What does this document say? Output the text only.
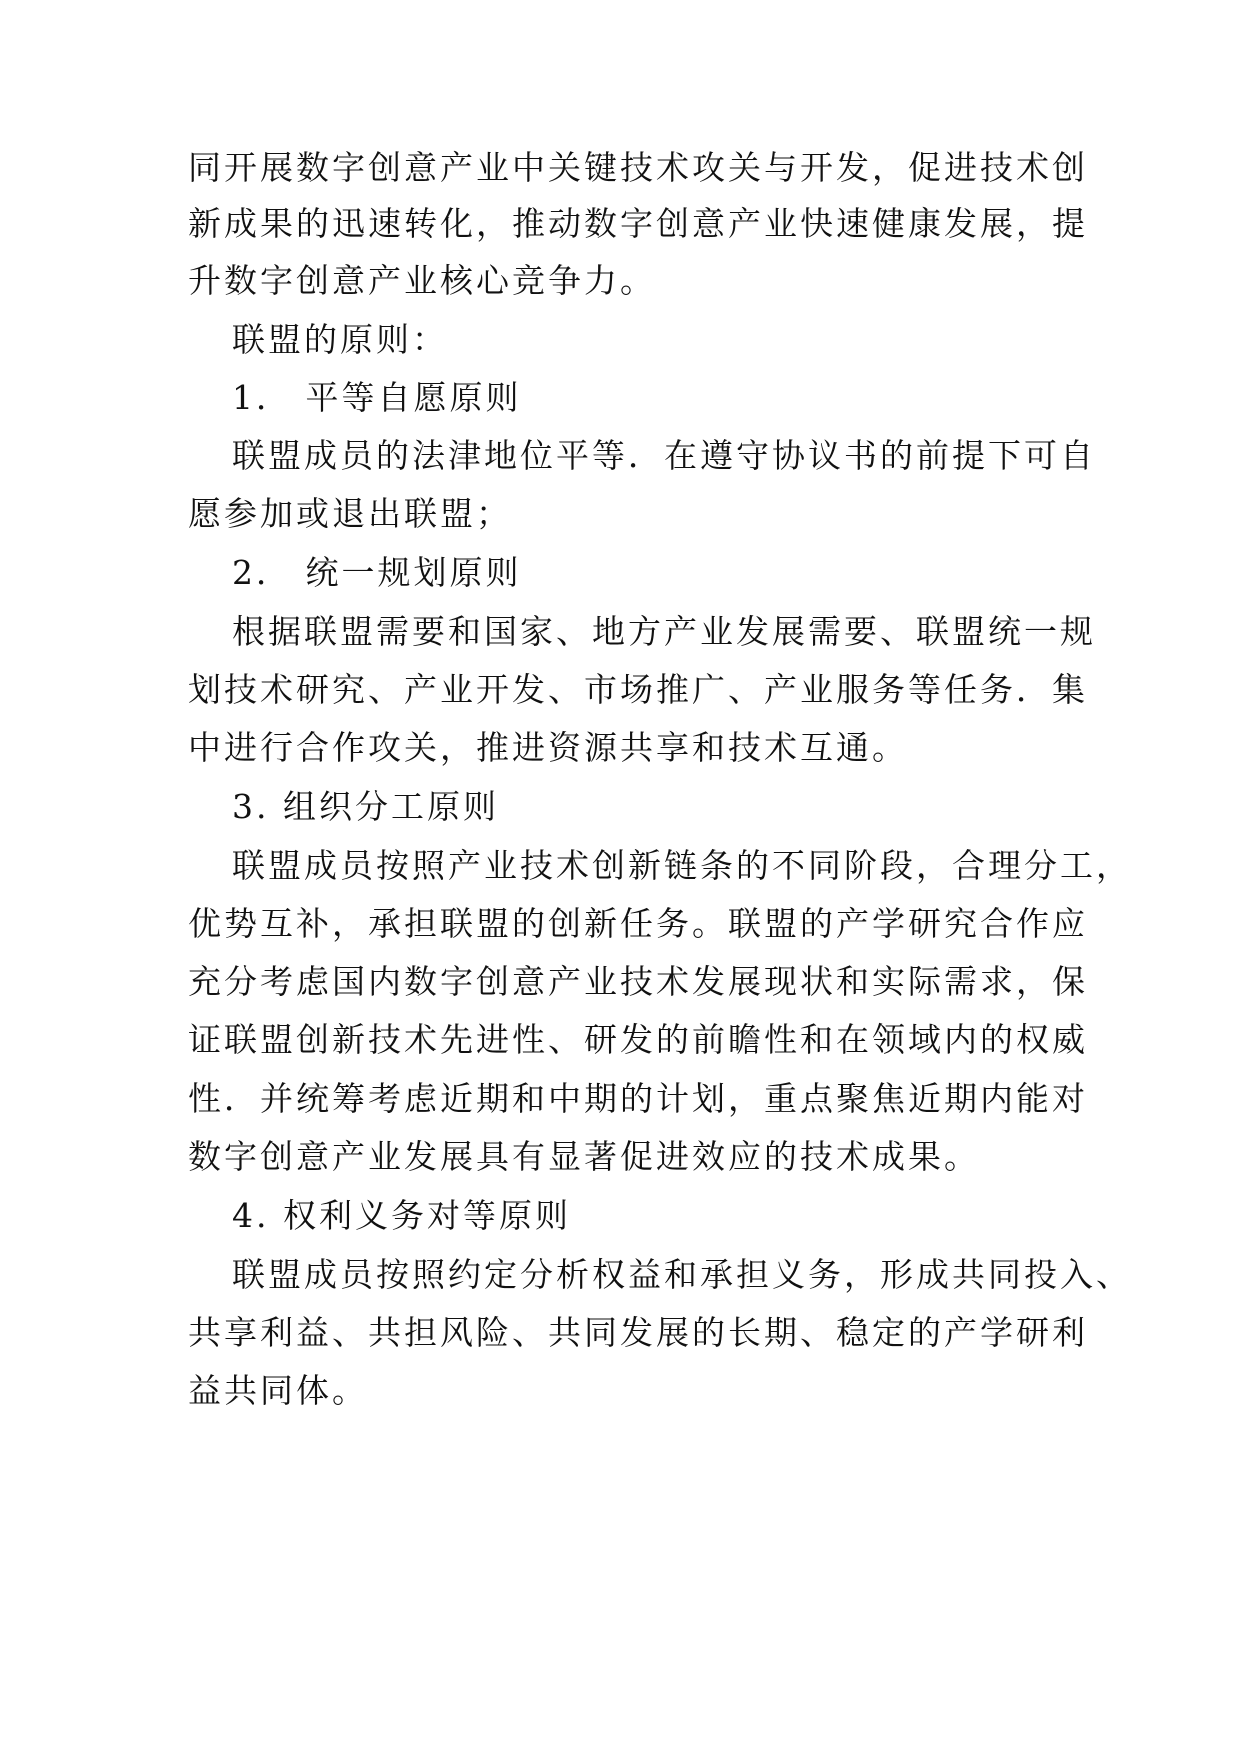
同开展数字创意产业中关键技术攻关与开发，促进技术创
新成果的迅速转化，推动数字创意产业快速健康发展，提
升数字创意产业核心竞争力。
联盟的原则：
1． 平等自愿原则
联盟成员的法津地位平等．在遵守协议书的前提下可自
愿参加或退出联盟；
2． 统一规划原则
根据联盟需要和国家、地方产业发展需要、联盟统一规
划技术研究、产业开发、市场推广、产业服务等任务．集
中进行合作攻关，推进资源共享和技术互通。
3. 组织分工原则
联盟成员按照产业技术创新链条的不同阶段，合理分工，
优势互补，承担联盟的创新任务。联盟的产学研究合作应
充分考虑国内数字创意产业技术发展现状和实际需求，保
证联盟创新技术先进性、研发的前瞻性和在领域内的权威
性．并统筹考虑近期和中期的计划，重点聚焦近期内能对
数字创意产业发展具有显著促进效应的技术成果。
4. 权利义务对等原则
联盟成员按照约定分析权益和承担义务，形成共同投入、
共享利益、共担风险、共同发展的长期、稳定的产学研利
益共同体。
